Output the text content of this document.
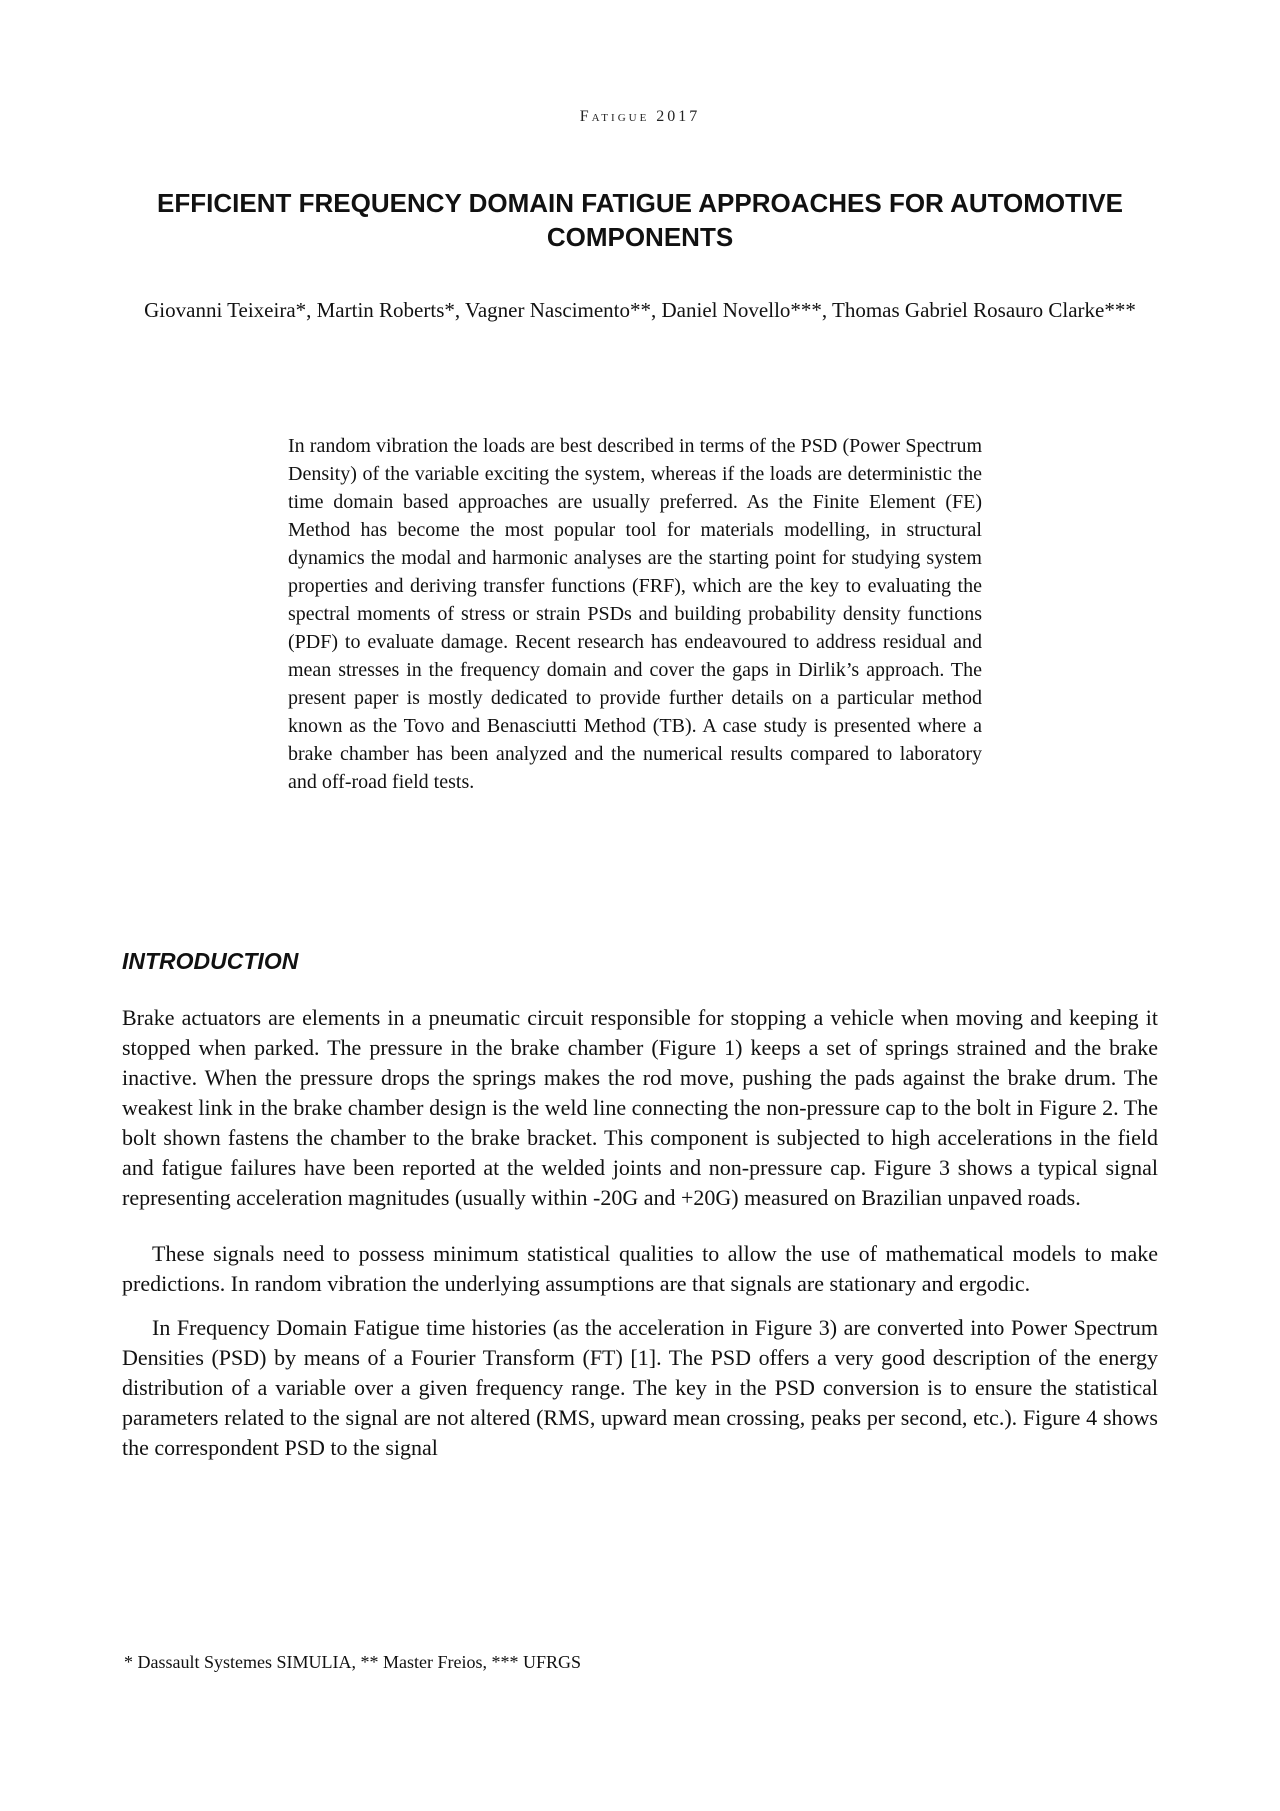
Fatigue 2017
EFFICIENT FREQUENCY DOMAIN FATIGUE APPROACHES FOR AUTOMOTIVE COMPONENTS
Giovanni Teixeira*, Martin Roberts*, Vagner Nascimento**, Daniel Novello***, Thomas Gabriel Rosauro Clarke***
In random vibration the loads are best described in terms of the PSD (Power Spectrum Density) of the variable exciting the system, whereas if the loads are deterministic the time domain based approaches are usually preferred. As the Finite Element (FE) Method has become the most popular tool for materials modelling, in structural dynamics the modal and harmonic analyses are the starting point for studying system properties and deriving transfer functions (FRF), which are the key to evaluating the spectral moments of stress or strain PSDs and building probability density functions (PDF) to evaluate damage. Recent research has endeavoured to address residual and mean stresses in the frequency domain and cover the gaps in Dirlik’s approach. The present paper is mostly dedicated to provide further details on a particular method known as the Tovo and Benasciutti Method (TB). A case study is presented where a brake chamber has been analyzed and the numerical results compared to laboratory and off-road field tests.
INTRODUCTION

Brake actuators are elements in a pneumatic circuit responsible for stopping a vehicle when moving and keeping it stopped when parked. The pressure in the brake chamber (Figure 1) keeps a set of springs strained and the brake inactive. When the pressure drops the springs makes the rod move, pushing the pads against the brake drum. The weakest link in the brake chamber design is the weld line connecting the non-pressure cap to the bolt in Figure 2. The bolt shown fastens the chamber to the brake bracket. This component is subjected to high accelerations in the field and fatigue failures have been reported at the welded joints and non-pressure cap. Figure 3 shows a typical signal representing acceleration magnitudes (usually within -20G and +20G) measured on Brazilian unpaved roads.

These signals need to possess minimum statistical qualities to allow the use of mathematical models to make predictions. In random vibration the underlying assumptions are that signals are stationary and ergodic.

In Frequency Domain Fatigue time histories (as the acceleration in Figure 3) are converted into Power Spectrum Densities (PSD) by means of a Fourier Transform (FT) [1]. The PSD offers a very good description of the energy distribution of a variable over a given frequency range. The key in the PSD conversion is to ensure the statistical parameters related to the signal are not altered (RMS, upward mean crossing, peaks per second, etc.). Figure 4 shows the correspondent PSD to the signal

* Dassault Systemes SIMULIA, ** Master Freios, *** UFRGS
